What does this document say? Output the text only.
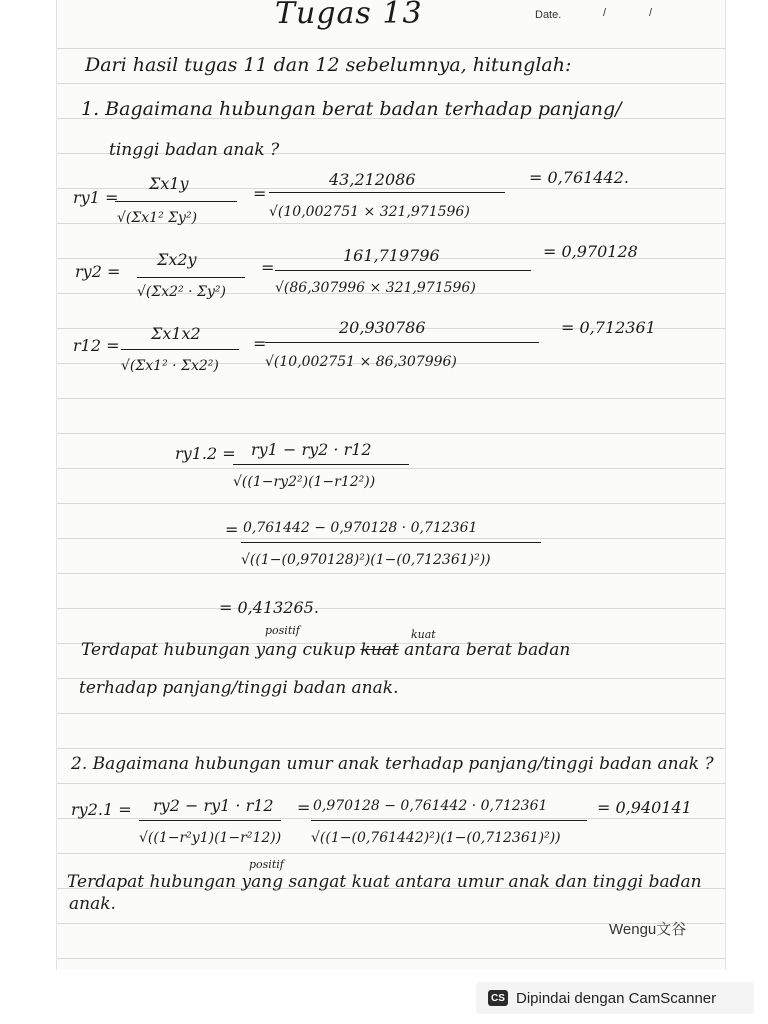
Tugas 13	Date.	/	/
Dari hasil tugas 11 dan 12 sebelumnya, hitunglah:
1. Bagaimana hubungan berat badan terhadap panjang/
tinggi badan anak ?
ry1 =
Σx1y
√(Σx1² Σy²)
=
43,212086
√(10,002751 × 321,971596)
= 0,761442.
ry2 =
Σx2y
√(Σx2² · Σy²)
=
161,719796
√(86,307996 × 321,971596)
= 0,970128
r12 =
Σx1x2
√(Σx1² · Σx2²)
=
20,930786
√(10,002751 × 86,307996)
= 0,712361
ry1.2 = ry1 − ry2 · r12
√((1−ry2²)(1−r12²))
= 0,761442 − 0,970128 · 0,712361
√((1−(0,970128)²)(1−(0,712361)²))
= 0,413265.
positif	kuat
Terdapat hubungan yang cukup kuat antara berat badan
terhadap panjang/tinggi badan anak.
2. Bagaimana hubungan umur anak terhadap panjang/tinggi badan anak ?
ry2.1 = ry2 − ry1 · r12
√((1−r²y1)(1−r²12))
= 0,970128 − 0,761442 · 0,712361
√((1−(0,761442)²)(1−(0,712361)²))
= 0,940141
positif
Terdapat hubungan yang sangat kuat antara umur anak dan tinggi badan
anak.
Wengu文谷
CS Dipindai dengan CamScanner
